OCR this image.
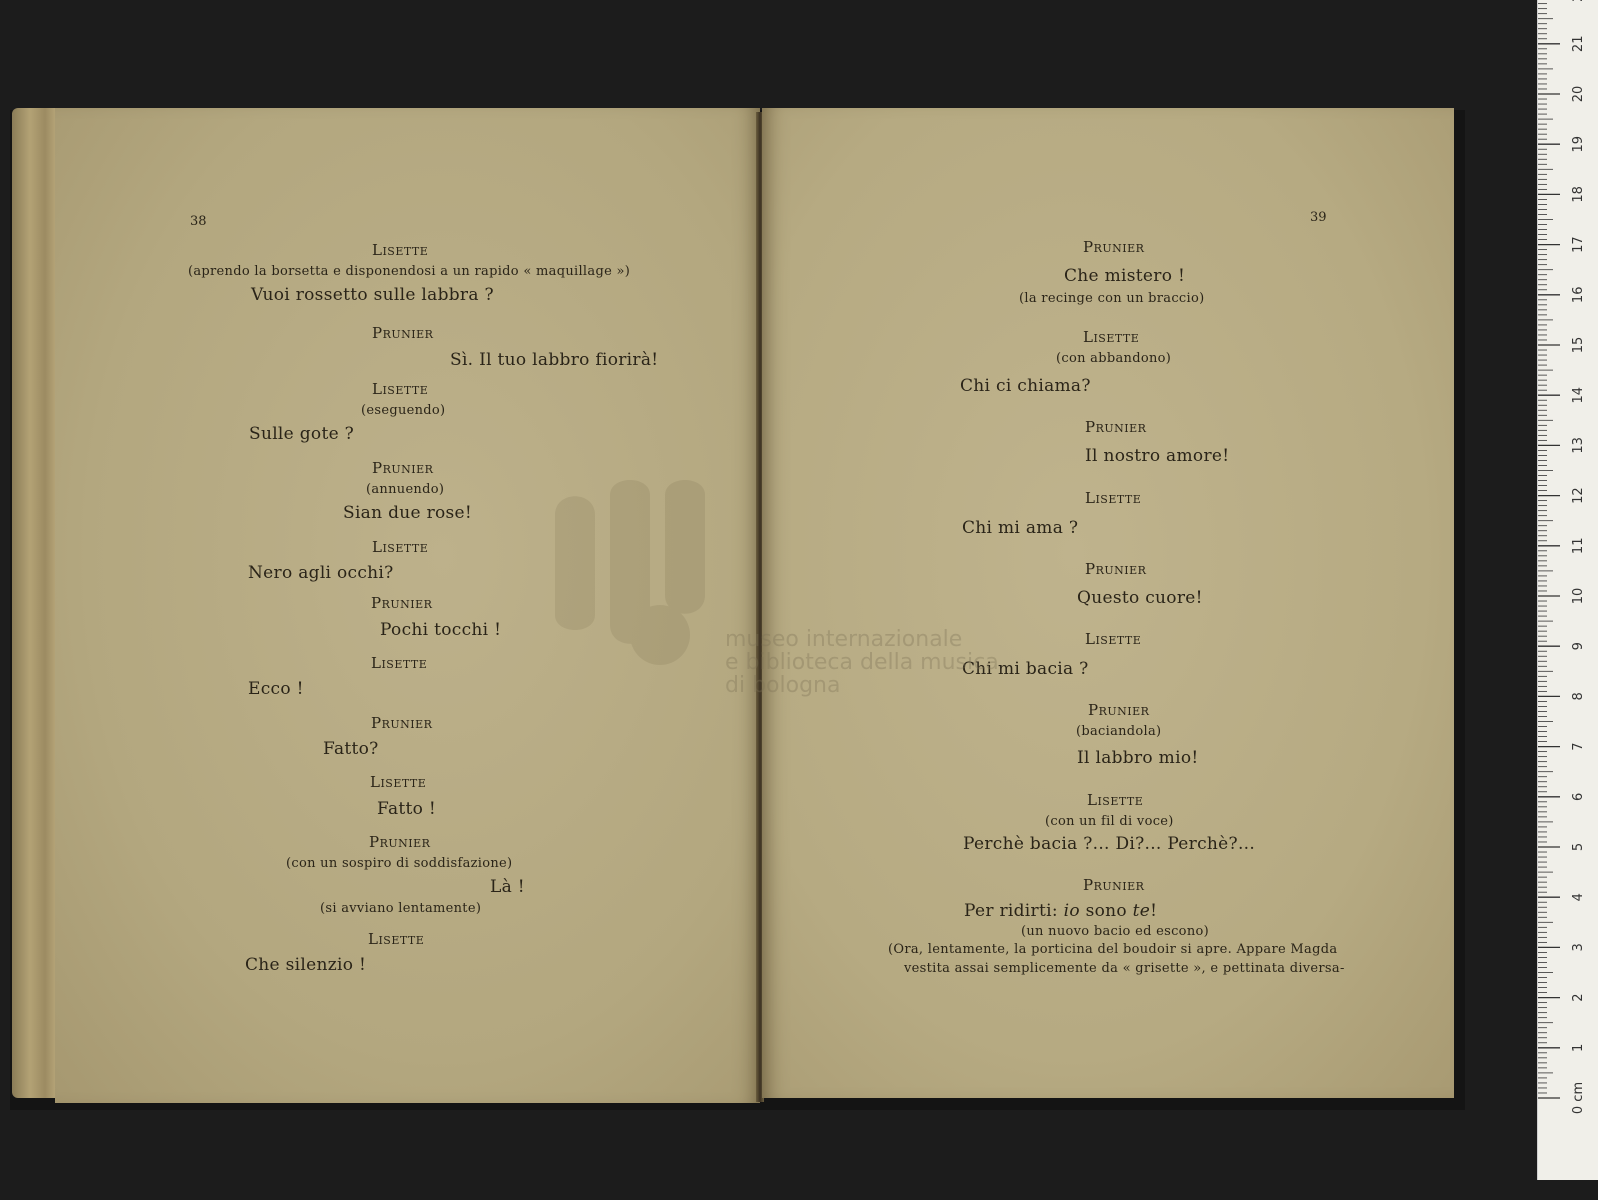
38
Lisette
(aprendo la borsetta e disponendosi a un rapido « maquillage »)
Vuoi rossetto sulle labbra ?
Prunier
Sì. Il tuo labbro fiorirà!
Lisette
(eseguendo)
Sulle gote ?
Prunier
(annuendo)
Sian due rose!
Lisette
Nero agli occhi?
Prunier
Pochi tocchi !
Lisette
Ecco !
Prunier
Fatto?
Lisette
Fatto !
Prunier
(con un sospiro di soddisfazione)
Là !
(si avviano lentamente)
Lisette
Che silenzio !
39
Prunier
Che mistero !
(la recinge con un braccio)
Lisette
(con abbandono)
Chi ci chiama?
Prunier
Il nostro amore!
Lisette
Chi mi ama ?
Prunier
Questo cuore!
Lisette
Chi mi bacia ?
Prunier
(baciandola)
Il labbro mio!
Lisette
(con un fil di voce)
Perchè bacia ?... Di?... Perchè?...
Prunier
Per ridirti: io sono te!
(un nuovo bacio ed escono)
(Ora, lentamente, la porticina del boudoir si apre. Appare Magda
vestita assai semplicemente da « grisette », e pettinata diversa-
museo internazionale
e biblioteca della musica
di bologna
0 cm
1
2
3
4
5
6
7
8
9
10
11
12
13
14
15
16
17
18
19
20
21
